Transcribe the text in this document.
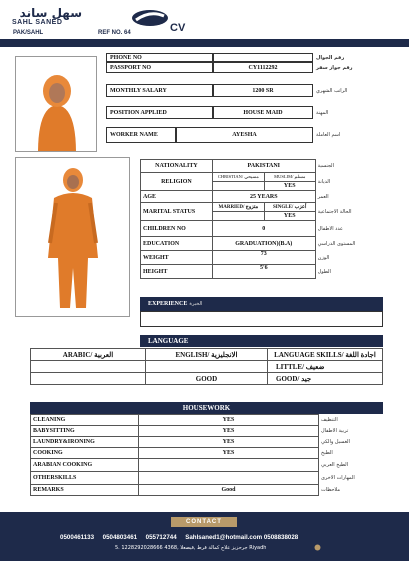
سهل ساند
SAHL SANED	CV
PAK/SAHL	REF NO. 64
PHONE NO	رقم الجوال
PASSPORT NO	CY1112292	رقم جواز سفر
MONTHLY SALARY	1200 SR	الراتب الشهري
POSITION APPLIED	HOUSE MAID	المهنة
WORKER NAME	AYESHA	اسم العاملة
NATIONALITY	PAKISTANI		الجنسية
RELIGION	CHRISTIAN/ مسيحي	MUSLIM/ مسلم	الديانة
		YES	
AGE	25 YEARS		العمر
MARITAL STATUS	MARRIED/ متزوج	SINGLE/ أعزب	الحالة الاجتماعية
		YES	
CHILDREN NO	0		عدد الاطفال
EDUCATION	GRADUATION)(B.A)		المستوى الدراسي
WEIGHT	73		الوزن
HEIGHT	5'6		الطول
EXPERIENCE الخبرة
LANGUAGE
ARABIC/ العربية	ENGLISH/ الانجليزية	LANGUAGE SKILLS/ اجادة اللغة
		LITTLE/ ضعيف
	GOOD	GOOD/ جيد
HOUSEWORK
CLEANING	YES	التنظيف
BABYSITTING	YES	تربية الاطفال
LAUNDRY&IRONING	YES	الغسيل والكي
COOKING	YES	الطبخ
ARABIAN COOKING		الطبخ العربي
OTHERSKILLS		المهارات الاخرى
REMARKS	Good	ملاحظات
CONTACT
0500461133     0504803461     055712744     Sahlsaned1@hotmail.com 0508838028
5. جرحزيز علاج كمالة قرط ,قيصعلا ,4368 1228292028666 Riyadh
